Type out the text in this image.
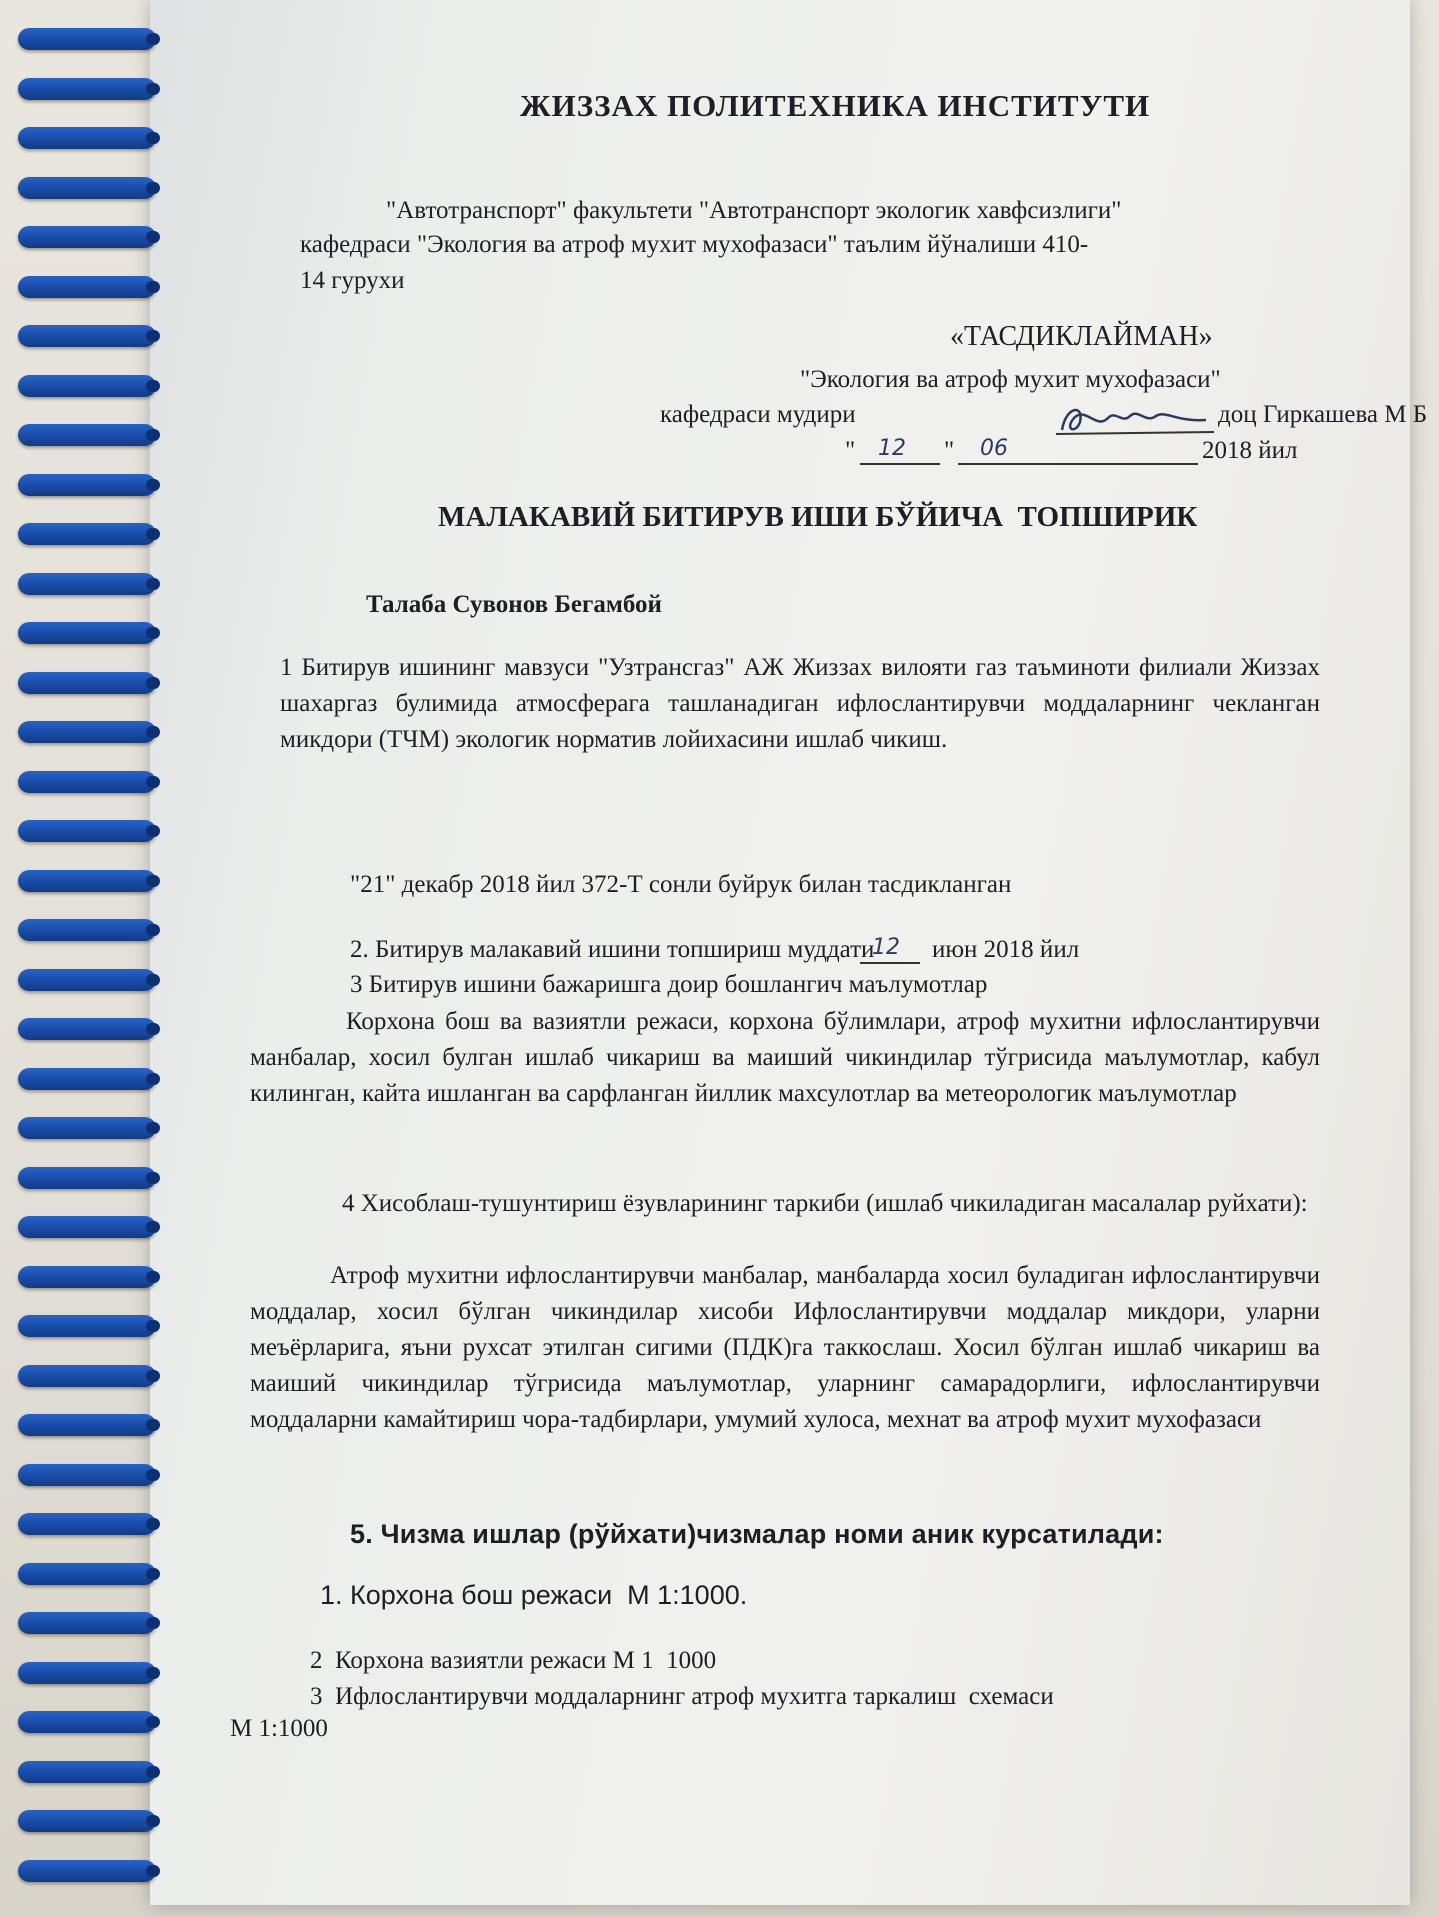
ЖИЗЗАХ ПОЛИТЕХНИКА ИНСТИТУТИ
"Автотранспорт" факультети "Автотранспорт экологик хавфсизлиги"
кафедраси "Экология ва атроф мухит мухофазаси" таълим йўналиши 410-
14 гурухи
«ТАСДИКЛАЙМАН»
"Экология ва атроф мухит мухофазаси"
кафедраси мудири	доц Гиркашева М Б
" 12 " 06	2018 йил
МАЛАКАВИЙ БИТИРУВ ИШИ БЎЙИЧА  ТОПШИРИК
Талаба Сувонов Бегамбой
1 Битирув ишининг мавзуси "Узтрансгаз" АЖ Жиззах вилояти газ таъминоти филиали Жиззах шахаргаз булимида атмосферага ташланадиган ифлослантирувчи моддаларнинг чекланган микдори (ТЧМ) экологик норматив лойихасини ишлаб чикиш.
"21" декабр 2018 йил 372-Т сонли буйрук билан тасдикланган
2. Битирув малакавий ишини топшириш муддати
12 июн 2018 йил
3 Битирув ишини бажаришга доир бошлангич маълумотлар
Корхона бош ва вазиятли режаси, корхона бўлимлари, атроф мухитни ифлослантирувчи манбалар, хосил булган ишлаб чикариш ва маиший чикиндилар тўгрисида маълумотлар, кабул килинган, кайта ишланган ва сарфланган йиллик махсулотлар ва метеорологик маълумотлар
4 Хисоблаш-тушунтириш ёзувларининг таркиби (ишлаб чикиладиган масалалар руйхати):
Атроф мухитни ифлослантирувчи манбалар, манбаларда хосил буладиган ифлослантирувчи моддалар, хосил бўлган чикиндилар хисоби Ифлослантирувчи моддалар микдори, уларни меъёрларига, яъни рухсат этилган сигими (ПДК)га таккослаш. Хосил бўлган ишлаб чикариш ва маиший чикиндилар тўгрисида маълумотлар, уларнинг самарадорлиги, ифлослантирувчи моддаларни камайтириш чора-тадбирлари, умумий хулоса, мехнат ва атроф мухит мухофазаси
5. Чизма ишлар (рўйхати)чизмалар номи аник курсатилади:
1. Корхона бош режаси  М 1:1000.
2  Корхона вазиятли режаси М 1  1000
3  Ифлослантирувчи моддаларнинг атроф мухитга таркалиш  схемаси
М 1:1000
